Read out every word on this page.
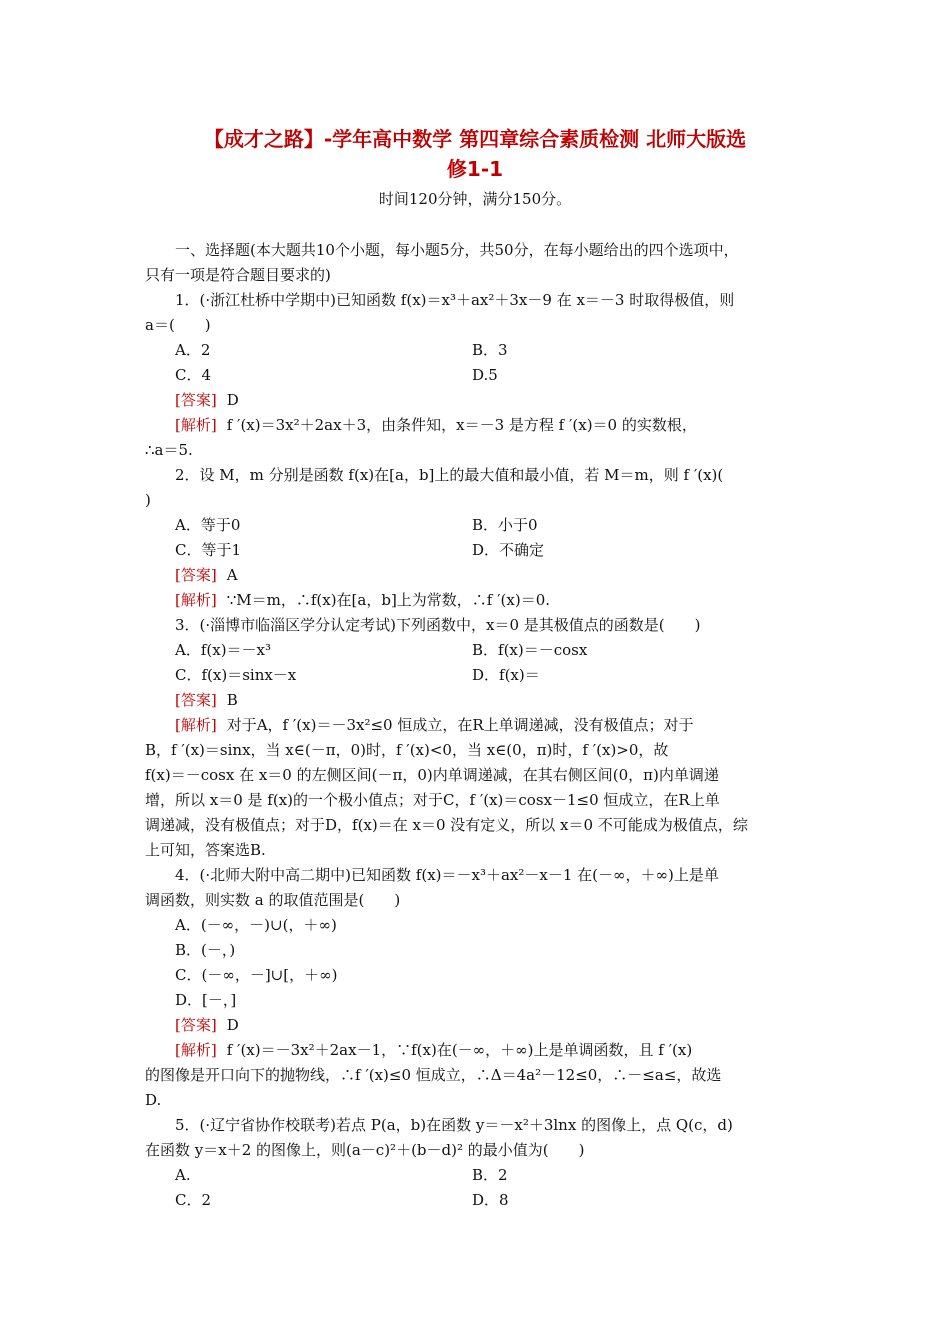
【成才之路】-学年高中数学 第四章综合素质检测 北师大版选
修1-1
时间120分钟，满分150分。
一、选择题(本大题共10个小题，每小题5分，共50分，在每小题给出的四个选项中，
只有一项是符合题目要求的)
1．(·浙江杜桥中学期中)已知函数 f(x)＝x³＋ax²＋3x－9 在 x＝－3 时取得极值，则
a＝(　　)
A．2	B．3
C．4	D.5
[答案] D
[解析] f ′(x)＝3x²＋2ax＋3，由条件知，x＝－3 是方程 f ′(x)＝0 的实数根，
∴a＝5.
2．设 M，m 分别是函数 f(x)在[a，b]上的最大值和最小值，若 M＝m，则 f ′(x)(
)
A．等于0	B．小于0
C．等于1	D．不确定
[答案] A
[解析] ∵M＝m，∴f(x)在[a，b]上为常数，∴f ′(x)＝0.
3．(·淄博市临淄区学分认定考试)下列函数中，x＝0 是其极值点的函数是(　　)
A．f(x)＝－x³	B．f(x)＝－cosx
C．f(x)＝sinx－x	D．f(x)＝
[答案] B
[解析] 对于A，f ′(x)＝－3x²≤0 恒成立，在R上单调递减，没有极值点；对于
B，f ′(x)＝sinx，当 x∈(－π，0)时，f ′(x)<0，当 x∈(0，π)时，f ′(x)>0，故
f(x)＝－cosx 在 x＝0 的左侧区间(－π，0)内单调递减，在其右侧区间(0，π)内单调递
增，所以 x＝0 是 f(x)的一个极小值点；对于C，f ′(x)＝cosx－1≤0 恒成立，在R上单
调递减，没有极值点；对于D，f(x)＝在 x＝0 没有定义，所以 x＝0 不可能成为极值点，综
上可知，答案选B.
4．(·北师大附中高二期中)已知函数 f(x)＝－x³＋ax²－x－1 在(－∞，＋∞)上是单
调函数，则实数 a 的取值范围是(　　)
A．(－∞，－)∪(，＋∞)
B．(－，)
C．(－∞，－]∪[，＋∞)
D．[－，]
[答案] D
[解析] f ′(x)＝－3x²＋2ax－1，∵f(x)在(－∞，＋∞)上是单调函数，且 f ′(x)
的图像是开口向下的抛物线，∴f ′(x)≤0 恒成立，∴Δ＝4a²－12≤0，∴－≤a≤，故选
D.
5．(·辽宁省协作校联考)若点 P(a，b)在函数 y＝－x²＋3lnx 的图像上，点 Q(c，d)
在函数 y＝x＋2 的图像上，则(a－c)²＋(b－d)² 的最小值为(　　)
A.	B．2
C．2	D．8
